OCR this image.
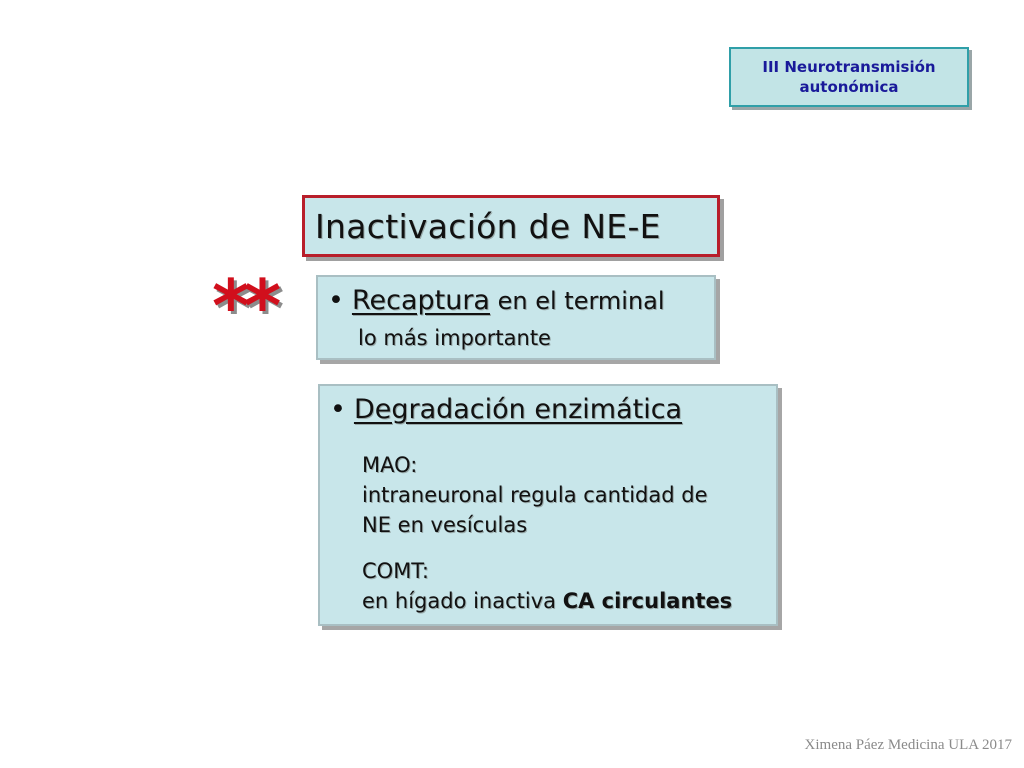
III Neurotransmisión
autonómica
Inactivación de NE-E
** • Recaptura en el terminal
lo más importante
• Degradación enzimática
MAO:
intraneuronal regula cantidad de
NE en vesículas
COMT:
en hígado inactiva CA circulantes
Ximena Páez Medicina ULA 2017
